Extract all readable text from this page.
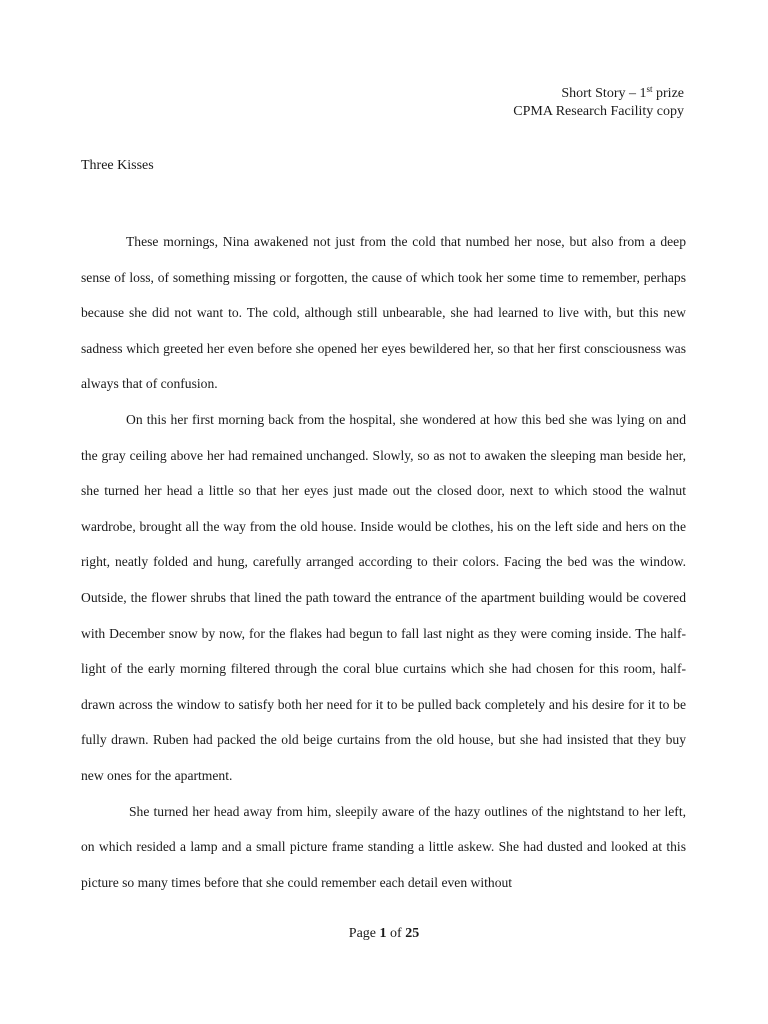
Short Story – 1st prize
CPMA Research Facility copy
Three Kisses

These mornings, Nina awakened not just from the cold that numbed her nose, but also from a deep sense of loss, of something missing or forgotten, the cause of which took her some time to remember, perhaps because she did not want to. The cold, although still unbearable, she had learned to live with, but this new sadness which greeted her even before she opened her eyes bewildered her, so that her first consciousness was always that of confusion.

On this her first morning back from the hospital, she wondered at how this bed she was lying on and the gray ceiling above her had remained unchanged. Slowly, so as not to awaken the sleeping man beside her, she turned her head a little so that her eyes just made out the closed door, next to which stood the walnut wardrobe, brought all the way from the old house. Inside would be clothes, his on the left side and hers on the right, neatly folded and hung, carefully arranged according to their colors. Facing the bed was the window. Outside, the flower shrubs that lined the path toward the entrance of the apartment building would be covered with December snow by now, for the flakes had begun to fall last night as they were coming inside. The half-light of the early morning filtered through the coral blue curtains which she had chosen for this room, half-drawn across the window to satisfy both her need for it to be pulled back completely and his desire for it to be fully drawn. Ruben had packed the old beige curtains from the old house, but she had insisted that they buy new ones for the apartment.

She turned her head away from him, sleepily aware of the hazy outlines of the nightstand to her left, on which resided a lamp and a small picture frame standing a little askew. She had dusted and looked at this picture so many times before that she could remember each detail even without

Page 1 of 25
